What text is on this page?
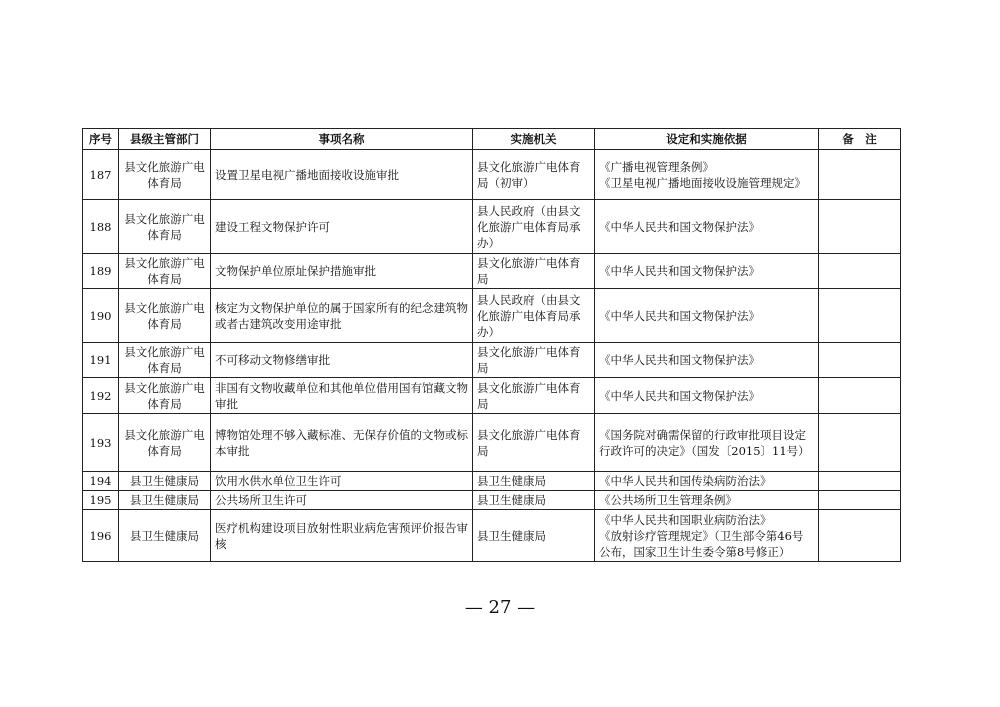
序号	县级主管部门	事项名称	实施机关	设定和实施依据	备　注
187	县文化旅游广电体育局	设置卫星电视广播地面接收设施审批	县文化旅游广电体育局（初审）	《广播电视管理条例》
《卫星电视广播地面接收设施管理规定》	

188	县文化旅游广电体育局	建设工程文物保护许可	县人民政府（由县文化旅游广电体育局承办）	《中华人民共和国文物保护法》	

189	县文化旅游广电体育局	文物保护单位原址保护措施审批	县文化旅游广电体育局	《中华人民共和国文物保护法》	

190	县文化旅游广电体育局	核定为文物保护单位的属于国家所有的纪念建筑物或者古建筑改变用途审批	县人民政府（由县文化旅游广电体育局承办）	《中华人民共和国文物保护法》	

191	县文化旅游广电体育局	不可移动文物修缮审批	县文化旅游广电体育局	《中华人民共和国文物保护法》	

192	县文化旅游广电体育局	非国有文物收藏单位和其他单位借用国有馆藏文物审批	县文化旅游广电体育局	《中华人民共和国文物保护法》	

193	县文化旅游广电体育局	博物馆处理不够入藏标准、无保存价值的文物或标本审批	县文化旅游广电体育局	《国务院对确需保留的行政审批项目设定行政许可的决定》（国发〔2015〕11号）	

194	县卫生健康局	饮用水供水单位卫生许可	县卫生健康局	《中华人民共和国传染病防治法》	

195	县卫生健康局	公共场所卫生许可	县卫生健康局	《公共场所卫生管理条例》	

196	县卫生健康局	医疗机构建设项目放射性职业病危害预评价报告审核	县卫生健康局	《中华人民共和国职业病防治法》
《放射诊疗管理规定》（卫生部令第46号公布，国家卫生计生委令第8号修正）	

— 27 —
